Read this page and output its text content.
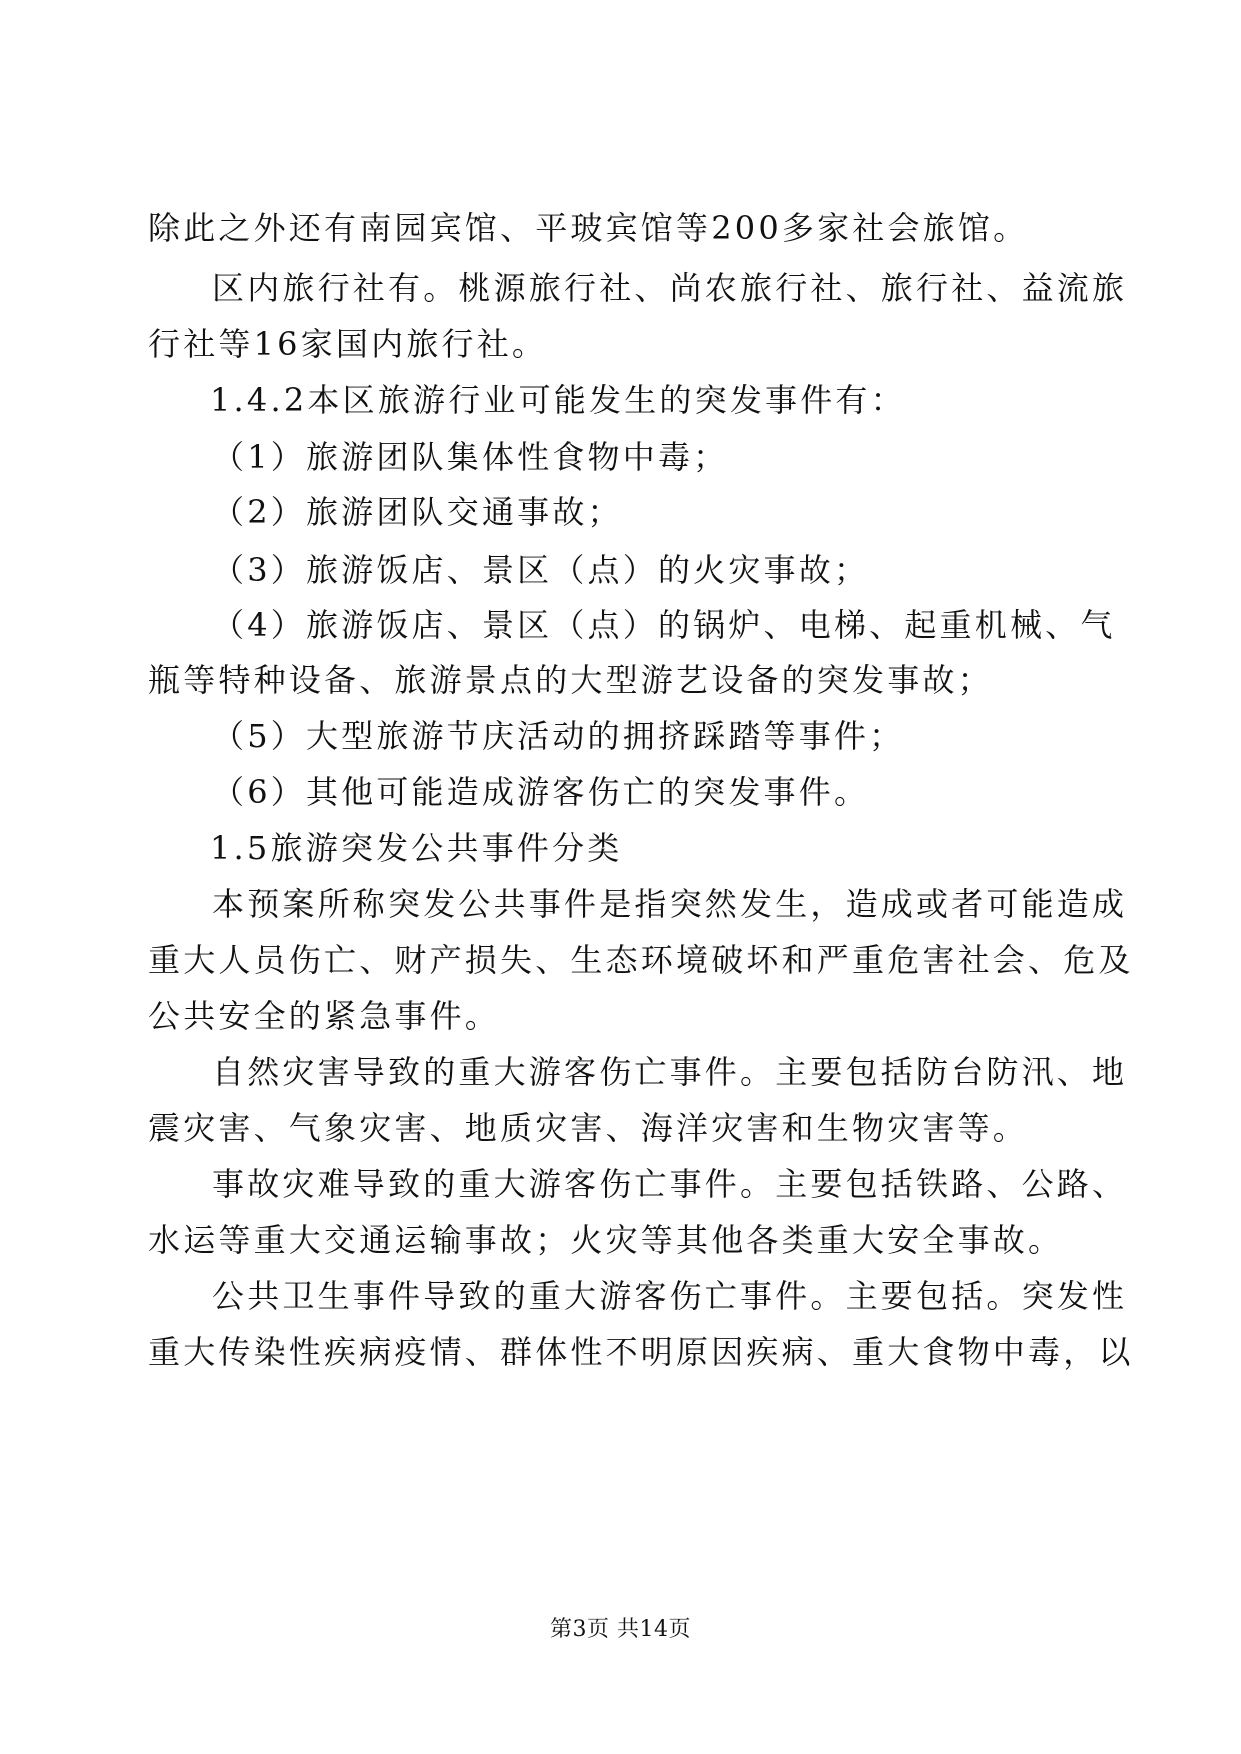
除此之外还有南园宾馆、平玻宾馆等200多家社会旅馆。
区内旅行社有。桃源旅行社、尚农旅行社、旅行社、益流旅
行社等16家国内旅行社。
1.4.2本区旅游行业可能发生的突发事件有：
（1）旅游团队集体性食物中毒；
（2）旅游团队交通事故；
（3）旅游饭店、景区（点）的火灾事故；
（4）旅游饭店、景区（点）的锅炉、电梯、起重机械、气
瓶等特种设备、旅游景点的大型游艺设备的突发事故；
（5）大型旅游节庆活动的拥挤踩踏等事件；
（6）其他可能造成游客伤亡的突发事件。
1.5旅游突发公共事件分类
本预案所称突发公共事件是指突然发生，造成或者可能造成
重大人员伤亡、财产损失、生态环境破坏和严重危害社会、危及
公共安全的紧急事件。
自然灾害导致的重大游客伤亡事件。主要包括防台防汛、地
震灾害、气象灾害、地质灾害、海洋灾害和生物灾害等。
事故灾难导致的重大游客伤亡事件。主要包括铁路、公路、
水运等重大交通运输事故；火灾等其他各类重大安全事故。
公共卫生事件导致的重大游客伤亡事件。主要包括。突发性
重大传染性疾病疫情、群体性不明原因疾病、重大食物中毒，以
第3页 共14页
